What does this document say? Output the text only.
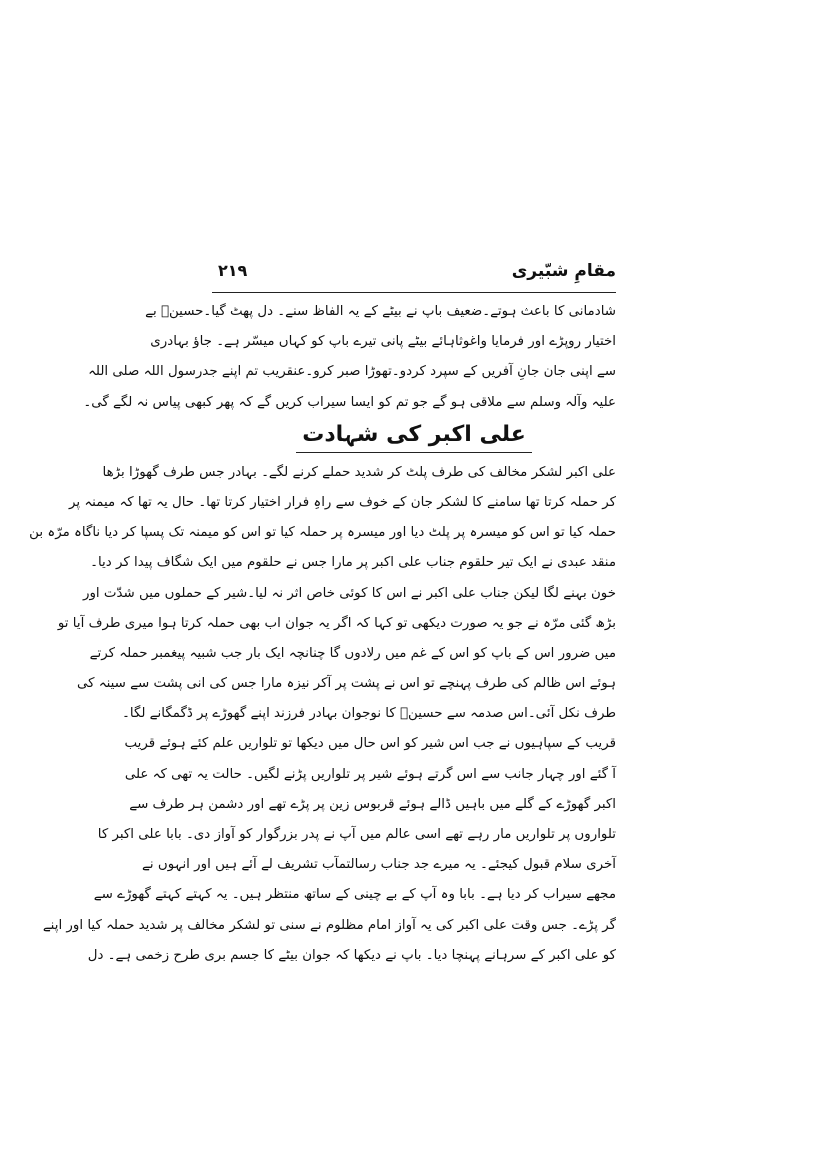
مقامِ شبّیری
۲۱۹
شادمانی کا باعث ہوتے۔ضعیف باپ نے بیٹے کے یہ الفاظ سنے۔ دل پھٹ گیا۔حسینؑ بے
اختیار روپڑے اور فرمایا واغوثاہائے بیٹے پانی تیرے باپ کو کہاں میسّر ہے۔ جاؤ بہادری
سے اپنی جان جانِ آفریں کے سپرد کردو۔تھوڑا صبر کرو۔عنقریب تم اپنے جدرسول اللہ صلی اللہ
علیہ وآلہ وسلم سے ملاقی ہو گے جو تم کو ایسا سیراب کریں گے کہ پھر کبھی پیاس نہ لگے گی۔
علی اکبر کی شہادت
علی اکبر لشکر مخالف کی طرف پلٹ کر شدید حملے کرنے لگے۔ بہادر جس طرف گھوڑا بڑھا
کر حملہ کرتا تھا سامنے کا لشکر جان کے خوف سے راہِ فرار اختیار کرتا تھا۔ حال یہ تھا کہ میمنہ پر
حملہ کیا تو اس کو میسرہ پر پلٹ دیا اور میسرہ پر حملہ کیا تو اس کو میمنہ تک پسپا کر دیا ناگاہ مرّہ بن
منقد عبدی نے ایک تیر حلقوم جناب علی اکبر پر مارا جس نے حلقوم میں ایک شگاف پیدا کر دیا۔
خون بہنے لگا لیکن جناب علی اکبر نے اس کا کوئی خاص اثر نہ لیا۔شیر کے حملوں میں شدّت اور
بڑھ گئی مرّہ نے جو یہ صورت دیکھی تو کہا کہ اگر یہ جوان اب بھی حملہ کرتا ہوا میری طرف آیا تو
میں ضرور اس کے باپ کو اس کے غم میں رلادوں گا چنانچہ ایک بار جب شبیہ پیغمبر حملہ کرتے
ہوئے اس ظالم کی طرف پہنچے تو اس نے پشت پر آکر نیزہ مارا جس کی انی پشت سے سینہ کی
طرف نکل آئی۔اس صدمہ سے حسینؑ کا نوجوان بہادر فرزند اپنے گھوڑے پر ڈگمگانے لگا۔
قریب کے سپاہیوں نے جب اس شیر کو اس حال میں دیکھا تو تلواریں علم کئے ہوئے قریب
آ گئے اور چہار جانب سے اس گرتے ہوئے شیر پر تلواریں پڑنے لگیں۔ حالت یہ تھی کہ علی
اکبر گھوڑے کے گلے میں باہیں ڈالے ہوئے قربوس زین پر پڑے تھے اور دشمن ہر طرف سے
تلواروں پر تلواریں مار رہے تھے اسی عالم میں آپ نے پدر بزرگوار کو آواز دی۔ بابا علی اکبر کا
آخری سلام قبول کیجئے۔ یہ میرے جد جناب رسالتمآب تشریف لے آئے ہیں اور انہوں نے
مجھے سیراب کر دیا ہے۔ بابا وہ آپ کے بے چینی کے ساتھ منتظر ہیں۔ یہ کہتے کہتے گھوڑے سے
گر پڑے۔ جس وقت علی اکبر کی یہ آواز امام مظلوم نے سنی تو لشکر مخالف پر شدید حملہ کیا اور اپنے
کو علی اکبر کے سرہانے پہنچا دیا۔ باپ نے دیکھا کہ جوان بیٹے کا جسم بری طرح زخمی ہے۔ دل
